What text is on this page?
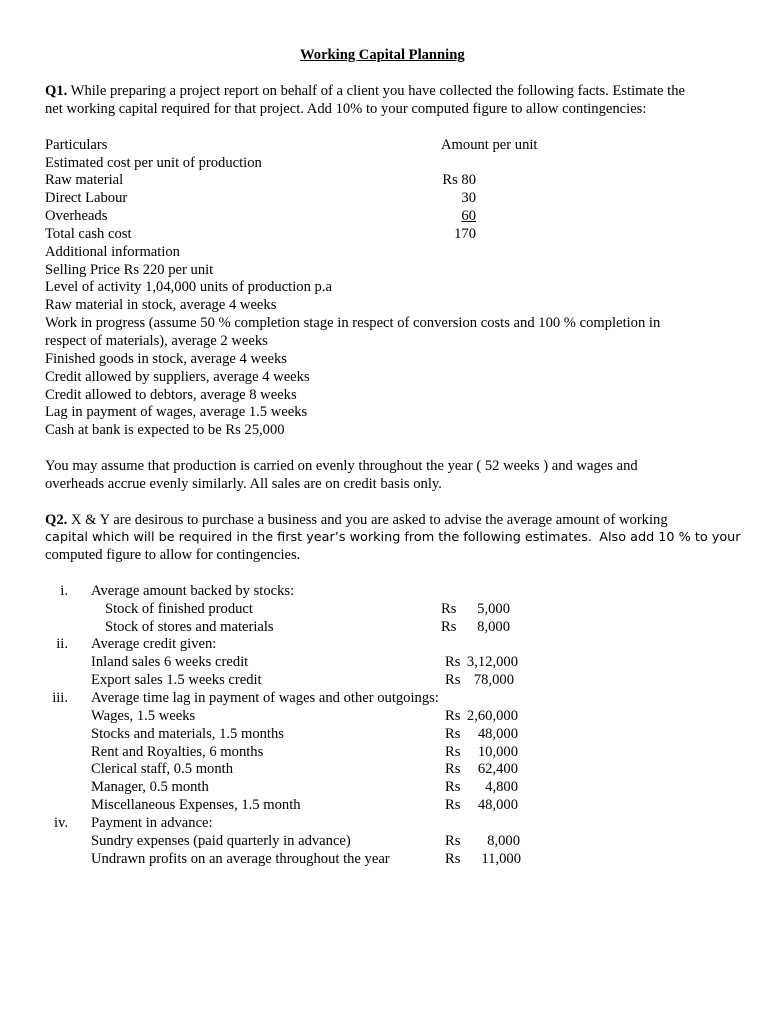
Working Capital Planning
Q1. While preparing a project report on behalf of a client you have collected the following facts. Estimate the
net working capital required for that project. Add 10% to your computed figure to allow contingencies:
Particulars	Amount per unit
Estimated cost per unit of production
Raw material	Rs 80
Direct Labour	30
Overheads	60
Total cash cost	170
Additional information
Selling Price Rs 220 per unit
Level of activity 1,04,000 units of production p.a
Raw material in stock, average 4 weeks
Work in progress (assume 50 % completion stage in respect of conversion costs and 100 % completion in
respect of materials), average 2 weeks
Finished goods in stock, average 4 weeks
Credit allowed by suppliers, average 4 weeks
Credit allowed to debtors, average 8 weeks
Lag in payment of wages, average 1.5 weeks
Cash at bank is expected to be Rs 25,000
You may assume that production is carried on evenly throughout the year ( 52 weeks ) and wages and
overheads accrue evenly similarly. All sales are on credit basis only.
Q2. X & Y are desirous to purchase a business and you are asked to advise the average amount of working
capital which will be required in the first year’s working from the following estimates. Also add 10 % to your
computed figure to allow for contingencies.
i. Average amount backed by stocks:
Stock of finished product	Rs	5,000
Stock of stores and materials	Rs	8,000
ii. Average credit given:
Inland sales 6 weeks credit	Rs 3,12,000
Export sales 1.5 weeks credit	Rs 78,000
iii. Average time lag in payment of wages and other outgoings:
Wages, 1.5 weeks	Rs 2,60,000
Stocks and materials, 1.5 months	Rs	48,000
Rent and Royalties, 6 months	Rs	10,000
Clerical staff, 0.5 month	Rs	62,400
Manager, 0.5 month	Rs	4,800
Miscellaneous Expenses, 1.5 month	Rs	48,000
iv. Payment in advance:
Sundry expenses (paid quarterly in advance)	Rs	8,000
Undrawn profits on an average throughout the year	Rs	11,000
